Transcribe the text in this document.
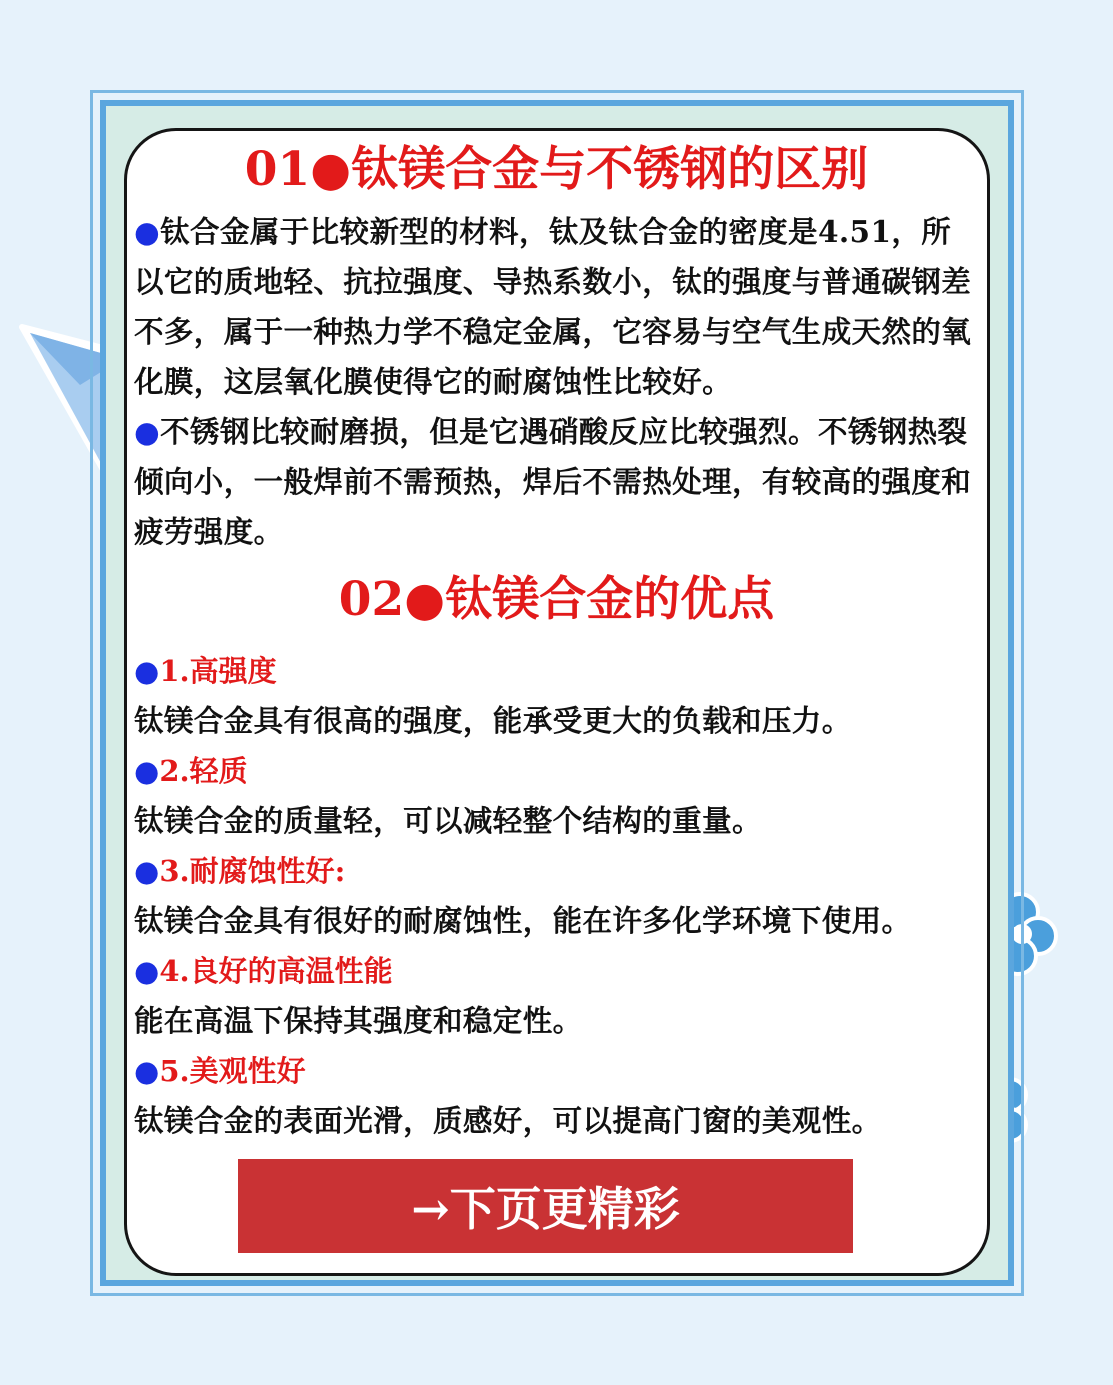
01●钛镁合金与不锈钢的区别

●钛合金属于比较新型的材料，钛及钛合金的密度是4.51，所以它的质地轻、抗拉强度、导热系数小，钛的强度与普通碳钢差不多，属于一种热力学不稳定金属，它容易与空气生成天然的氧化膜，这层氧化膜使得它的耐腐蚀性比较好。

●不锈钢比较耐磨损，但是它遇硝酸反应比较强烈。不锈钢热裂倾向小，一般焊前不需预热，焊后不需热处理，有较高的强度和疲劳强度。

02●钛镁合金的优点
●1.高强度
钛镁合金具有很高的强度，能承受更大的负载和压力。
●2.轻质
钛镁合金的质量轻，可以减轻整个结构的重量。
●3.耐腐蚀性好:
钛镁合金具有很好的耐腐蚀性，能在许多化学环境下使用。
●4.良好的高温性能
能在高温下保持其强度和稳定性。
●5.美观性好
钛镁合金的表面光滑，质感好，可以提高门窗的美观性。
→下页更精彩
